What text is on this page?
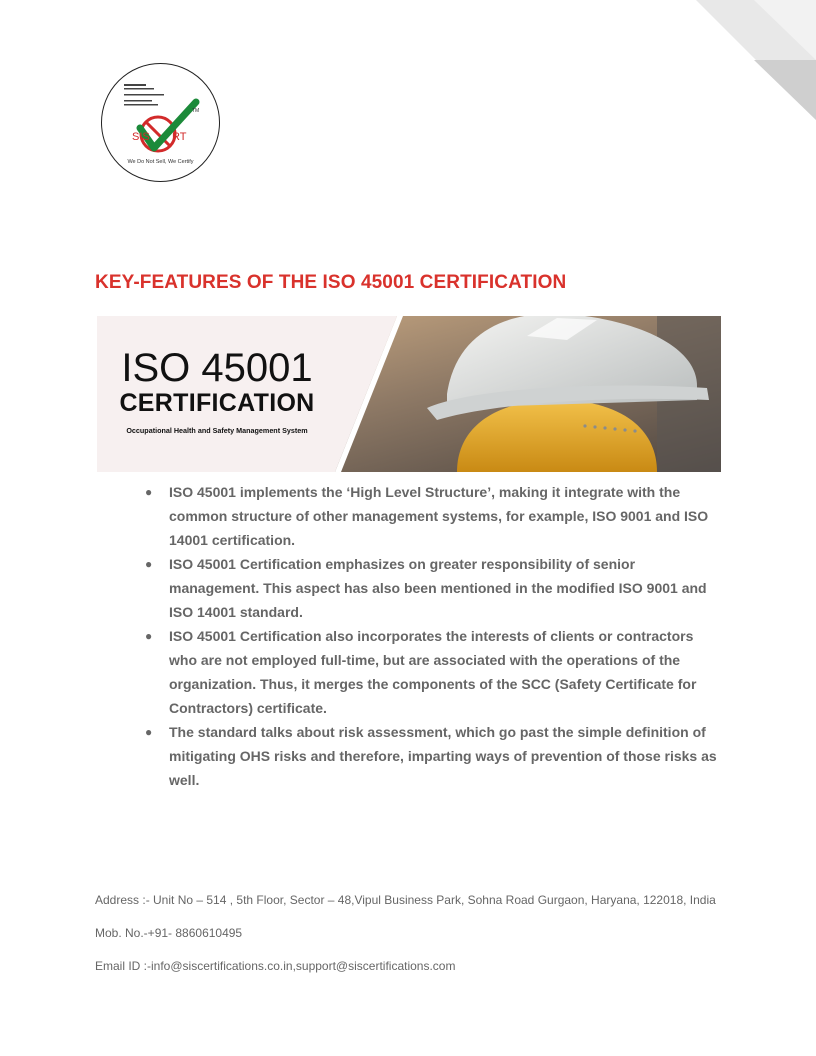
SIS RT
TM
We Do Not Sell, We Certify
KEY-FEATURES OF THE ISO 45001 CERTIFICATION
ISO 45001
CERTIFICATION
Occupational Health and Safety Management System
● ISO 45001 implements the ‘High Level Structure’, making it integrate with the common structure of other management systems, for example, ISO 9001 and ISO 14001 certification.
● ISO 45001 Certification emphasizes on greater responsibility of senior management. This aspect has also been mentioned in the modified ISO 9001 and ISO 14001 standard.
● ISO 45001 Certification also incorporates the interests of clients or contractors who are not employed full-time, but are associated with the operations of the organization. Thus, it merges the components of the SCC (Safety Certificate for Contractors) certificate.
● The standard talks about risk assessment, which go past the simple definition of mitigating OHS risks and therefore, imparting ways of prevention of those risks as well.

Address :- Unit No – 514 , 5th Floor, Sector – 48,Vipul Business Park, Sohna Road Gurgaon, Haryana, 122018, India

Mob. No.-+91- 8860610495

Email ID :-info@siscertifications.co.in,support@siscertifications.com
